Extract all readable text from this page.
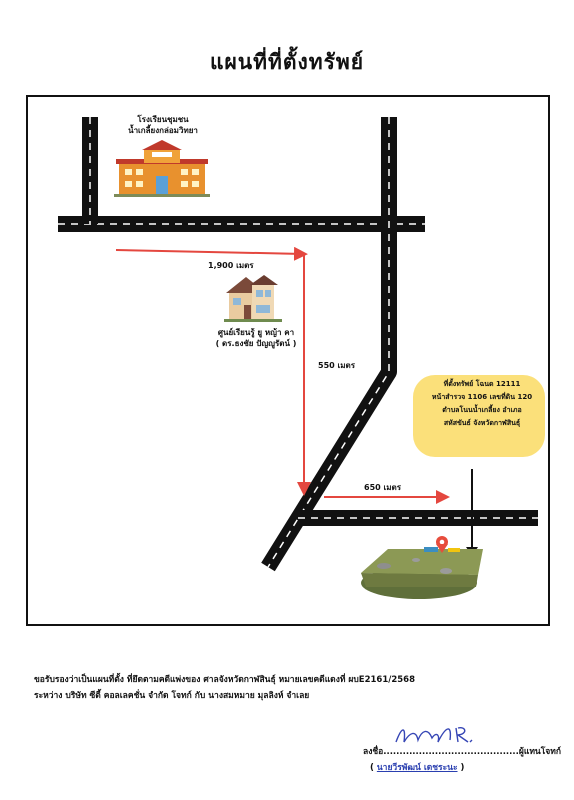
แผนที่ที่ตั้งทรัพย์
โรงเรียนชุมชน
น้ำเกลี้ยงกล่อมวิทยา
ศูนย์เรียนรู้ ยู หญ้า คา
( ดร.ธงชัย ปัญญูรัตน์ )
1,900 เมตร
550 เมตร
650 เมตร
ที่ตั้งทรัพย์ โฉนด 12111
หน้าสำรวจ 1106 เลขที่ดิน 120
ตำบลโนนน้ำเกลี้ยง อำเภอ
สหัสขันธ์ จังหวัดกาฬสินธุ์
ขอรับรองว่าเป็นแผนที่ตั้ง ที่ยึดตามคดีแพ่งของ ศาลจังหวัดกาฬสินธุ์ หมายเลขคดีแดงที่ ผบE2161/2568
ระหว่าง บริษัท ซีตี้ คอลเลคชั่น จำกัด โจทก์ กับ นางสมหมาย มุลลิงห์ จำเลย
ลงชื่อ..........................................ผู้แทนโจทก์
( นายวีรพัฒน์ เดชระนะ )
